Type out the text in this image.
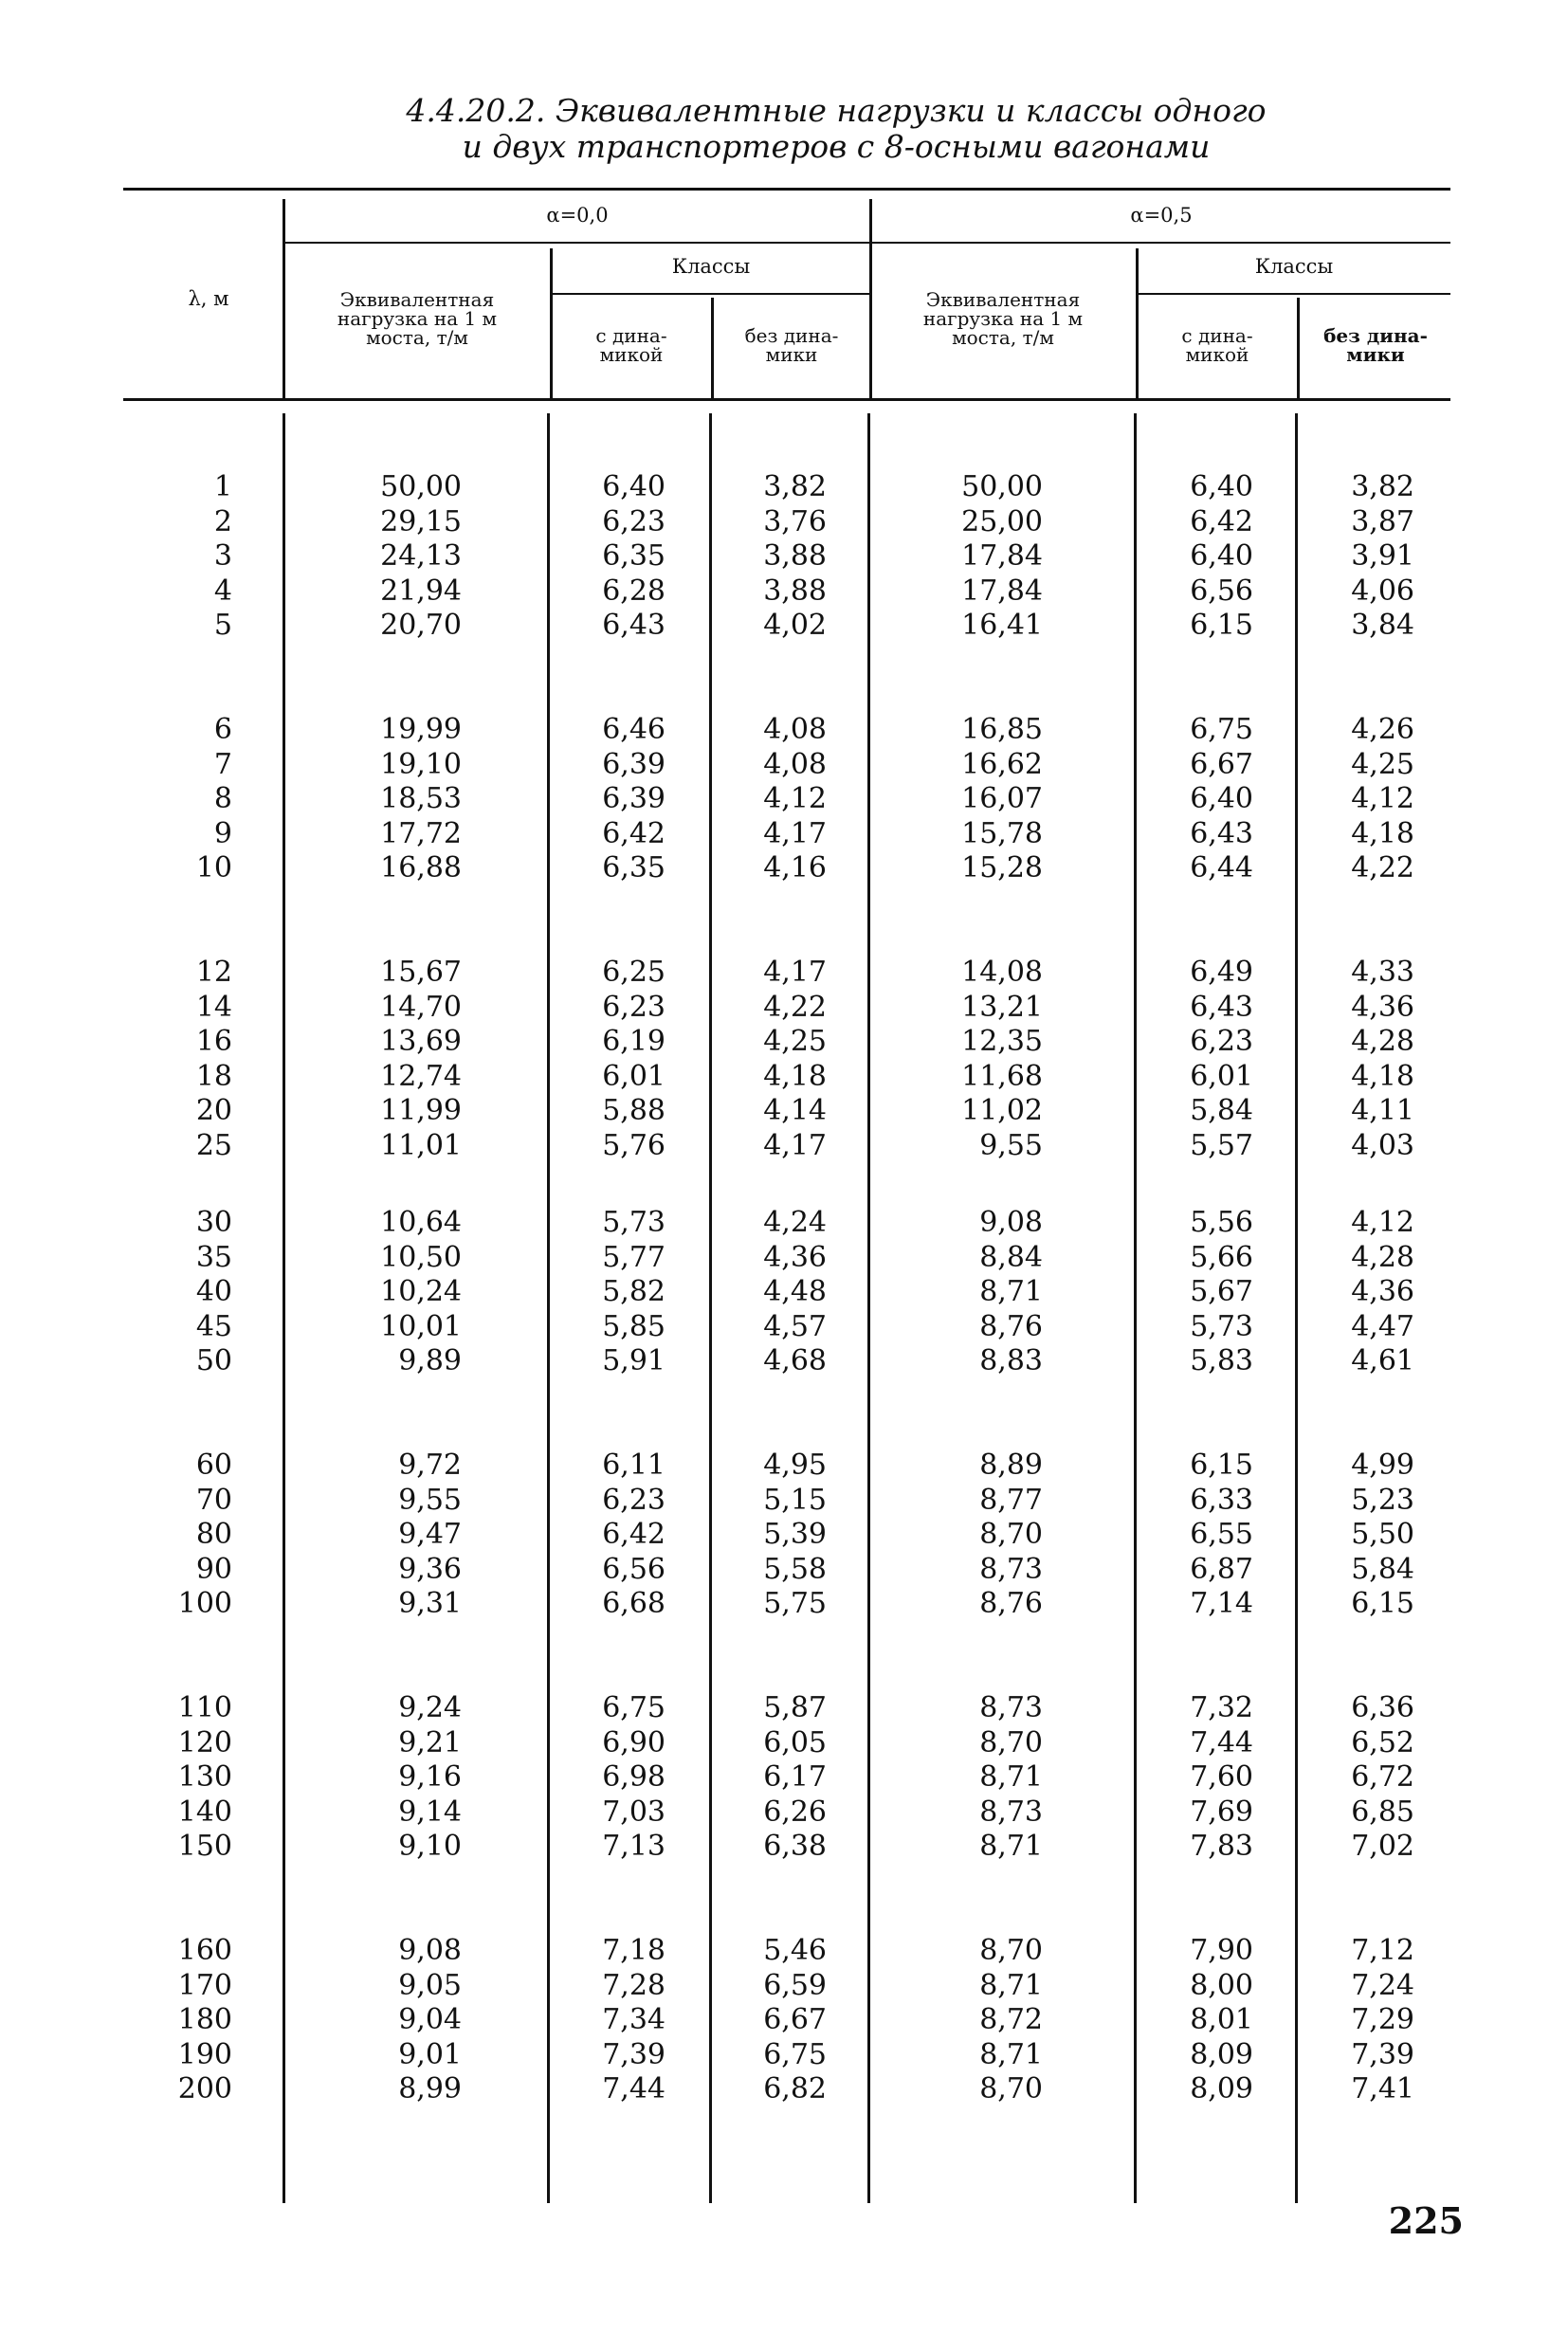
4.4.20.2. Эквивалентные нагрузки и классы одного
и двух транспортеров с 8-осными вагонами
λ, м
α=0,0	α=0,5
Классы	Классы
Эквивалентная
нагрузка на 1 м
моста, т/м
Эквивалентная
нагрузка на 1 м
моста, т/м
с дина-
микой
без дина-
мики
с дина-
микой
без дина-
мики
1	50,00	6,40	3,82	50,00	6,40	3,82
2	29,15	6,23	3,76	25,00	6,42	3,87
3	24,13	6,35	3,88	17,84	6,40	3,91
4	21,94	6,28	3,88	17,84	6,56	4,06
5	20,70	6,43	4,02	16,41	6,15	3,84
6	19,99	6,46	4,08	16,85	6,75	4,26
7	19,10	6,39	4,08	16,62	6,67	4,25
8	18,53	6,39	4,12	16,07	6,40	4,12
9	17,72	6,42	4,17	15,78	6,43	4,18
10	16,88	6,35	4,16	15,28	6,44	4,22
12	15,67	6,25	4,17	14,08	6,49	4,33
14	14,70	6,23	4,22	13,21	6,43	4,36
16	13,69	6,19	4,25	12,35	6,23	4,28
18	12,74	6,01	4,18	11,68	6,01	4,18
20	11,99	5,88	4,14	11,02	5,84	4,11
25	11,01	5,76	4,17	9,55	5,57	4,03
30	10,64	5,73	4,24	9,08	5,56	4,12
35	10,50	5,77	4,36	8,84	5,66	4,28
40	10,24	5,82	4,48	8,71	5,67	4,36
45	10,01	5,85	4,57	8,76	5,73	4,47
50	9,89	5,91	4,68	8,83	5,83	4,61
60	9,72	6,11	4,95	8,89	6,15	4,99
70	9,55	6,23	5,15	8,77	6,33	5,23
80	9,47	6,42	5,39	8,70	6,55	5,50
90	9,36	6,56	5,58	8,73	6,87	5,84
100	9,31	6,68	5,75	8,76	7,14	6,15
110	9,24	6,75	5,87	8,73	7,32	6,36
120	9,21	6,90	6,05	8,70	7,44	6,52
130	9,16	6,98	6,17	8,71	7,60	6,72
140	9,14	7,03	6,26	8,73	7,69	6,85
150	9,10	7,13	6,38	8,71	7,83	7,02
160	9,08	7,18	5,46	8,70	7,90	7,12
170	9,05	7,28	6,59	8,71	8,00	7,24
180	9,04	7,34	6,67	8,72	8,01	7,29
190	9,01	7,39	6,75	8,71	8,09	7,39
200	8,99	7,44	6,82	8,70	8,09	7,41
225
